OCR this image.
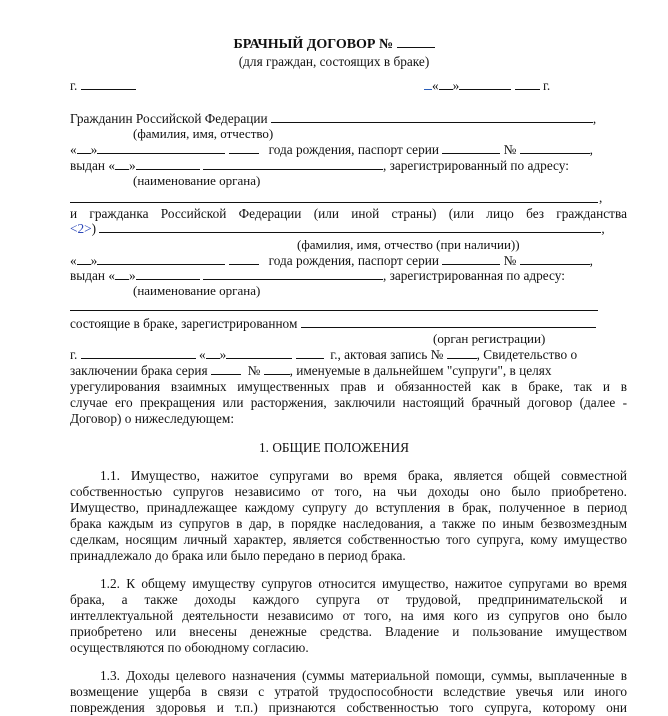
БРАЧНЫЙ ДОГОВОР №
(для граждан, состоящих в браке)
г.	« »	г.
Гражданин Российской Федерации	,
(фамилия, имя, отчество)
« »	года рождения, паспорт серии	№	,
выдан « »	, зарегистрированный по адресу:
(наименование органа)
,
и гражданка Российской Федерации (или иной страны) (или лицо без гражданства
<2>)	,
(фамилия, имя, отчество (при наличии))
« »	года рождения, паспорт серии	№	,
выдан « »	, зарегистрированная по адресу:
(наименование органа)
состоящие в браке, зарегистрированном
(орган регистрации)
г.	« »	г., актовая запись №	, Свидетельство о
заключении брака серия	№ , именуемые в дальнейшем "супруги", в целях
урегулирования взаимных имущественных прав и обязанностей как в браке, так и в
случае его прекращения или расторжения, заключили настоящий брачный договор (далее -
Договор) о нижеследующем:
1. ОБЩИЕ ПОЛОЖЕНИЯ
1.1. Имущество, нажитое супругами во время брака, является общей совместной
собственностью супругов независимо от того, на чьи доходы оно было приобретено.
Имущество, принадлежащее каждому супругу до вступления в брак, полученное в период
брака каждым из супругов в дар, в порядке наследования, а также по иным безвозмездным
сделкам, носящим личный характер, является собственностью того супруга, кому имущество
принадлежало до брака или было передано в период брака.
1.2. К общему имуществу супругов относится имущество, нажитое супругами во время
брака, а также доходы каждого супруга от трудовой, предпринимательской и
интеллектуальной деятельности независимо от того, на имя кого из супругов оно было
приобретено или внесены денежные средства. Владение и пользование имуществом
осуществляются по обоюдному согласию.
1.3. Доходы целевого назначения (суммы материальной помощи, суммы, выплаченные в
возмещение ущерба в связи с утратой трудоспособности вследствие увечья или иного
повреждения здоровья и т.п.) признаются собственностью того супруга, которому они
